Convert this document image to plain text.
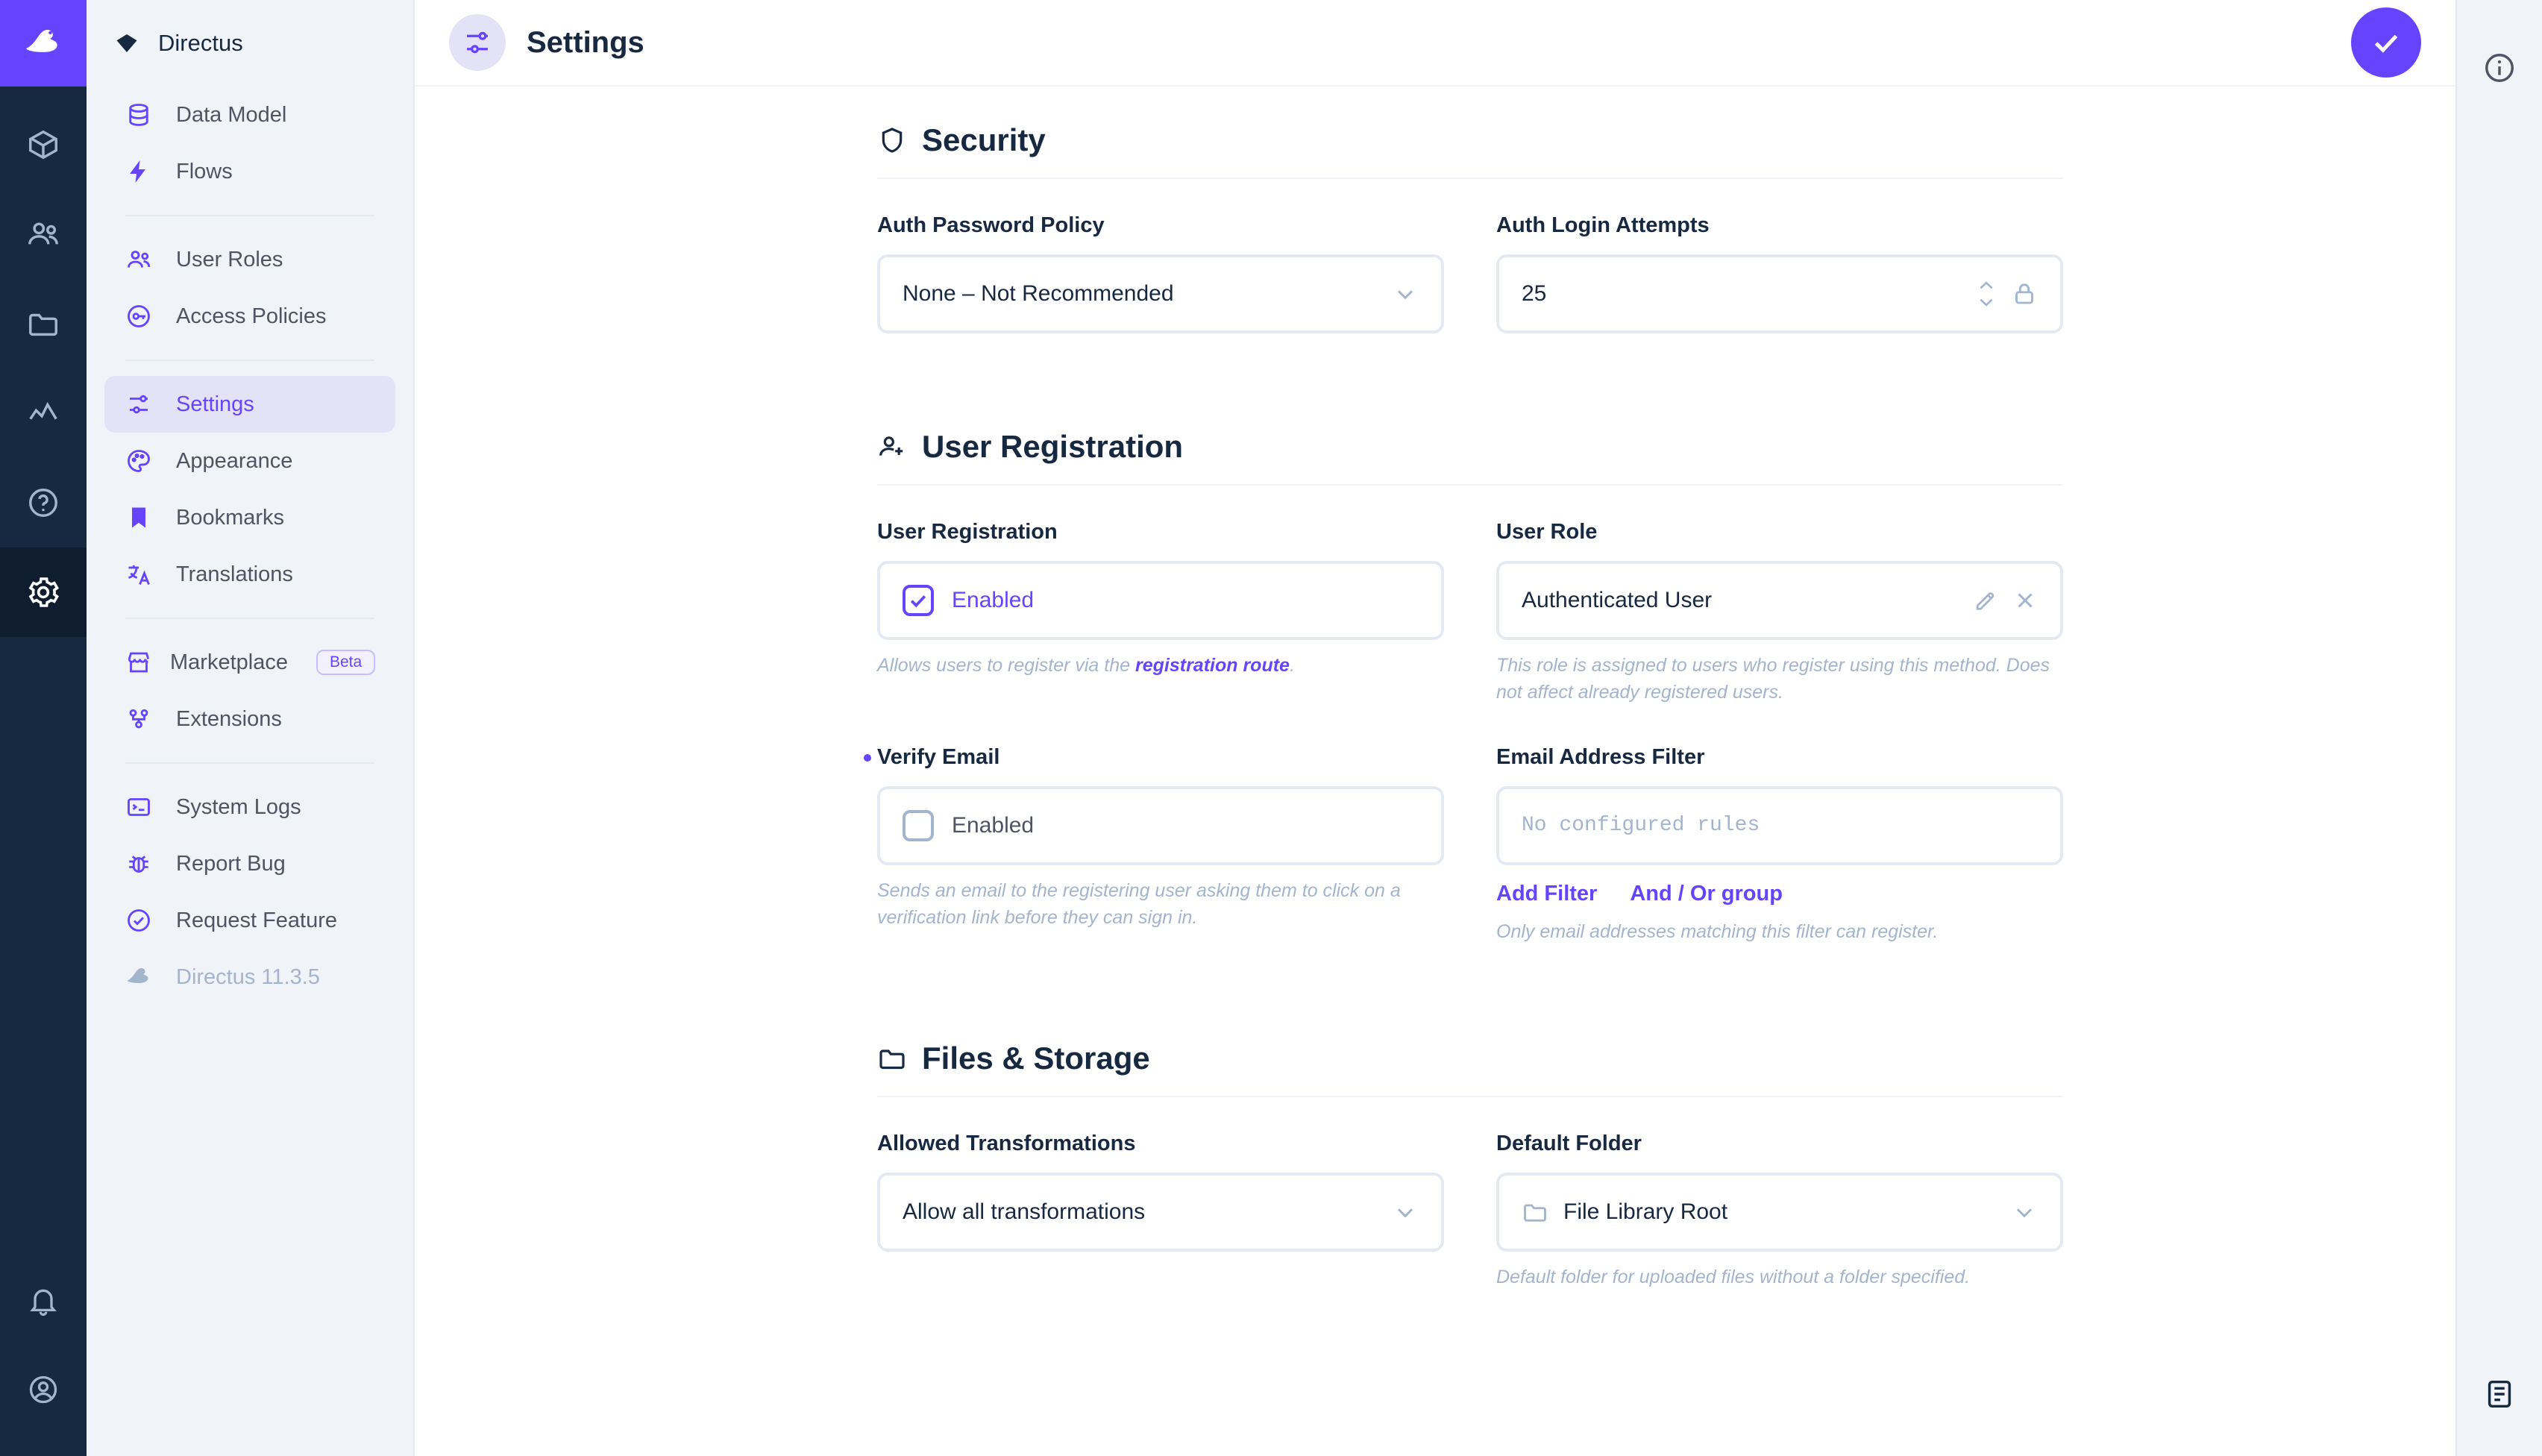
Directus
Data Model
Flows
User Roles
Access Policies
Settings
Appearance
Bookmarks
Translations
Marketplace	Beta
Extensions
System Logs
Report Bug
Request Feature
Directus 11.3.5
Settings
Security
Auth Password Policy
None – Not Recommended
Auth Login Attempts
25
User Registration
User Registration
Enabled
Allows users to register via the registration route.
User Role
Authenticated User
This role is assigned to users who register using this method. Does not affect already registered users.
Verify Email
Enabled
Sends an email to the registering user asking them to click on a verification link before they can sign in.
Email Address Filter
No configured rules
Add Filter And / Or group
Only email addresses matching this filter can register.
Files & Storage
Allowed Transformations
Allow all transformations
Default Folder
File Library Root
Default folder for uploaded files without a folder specified.
